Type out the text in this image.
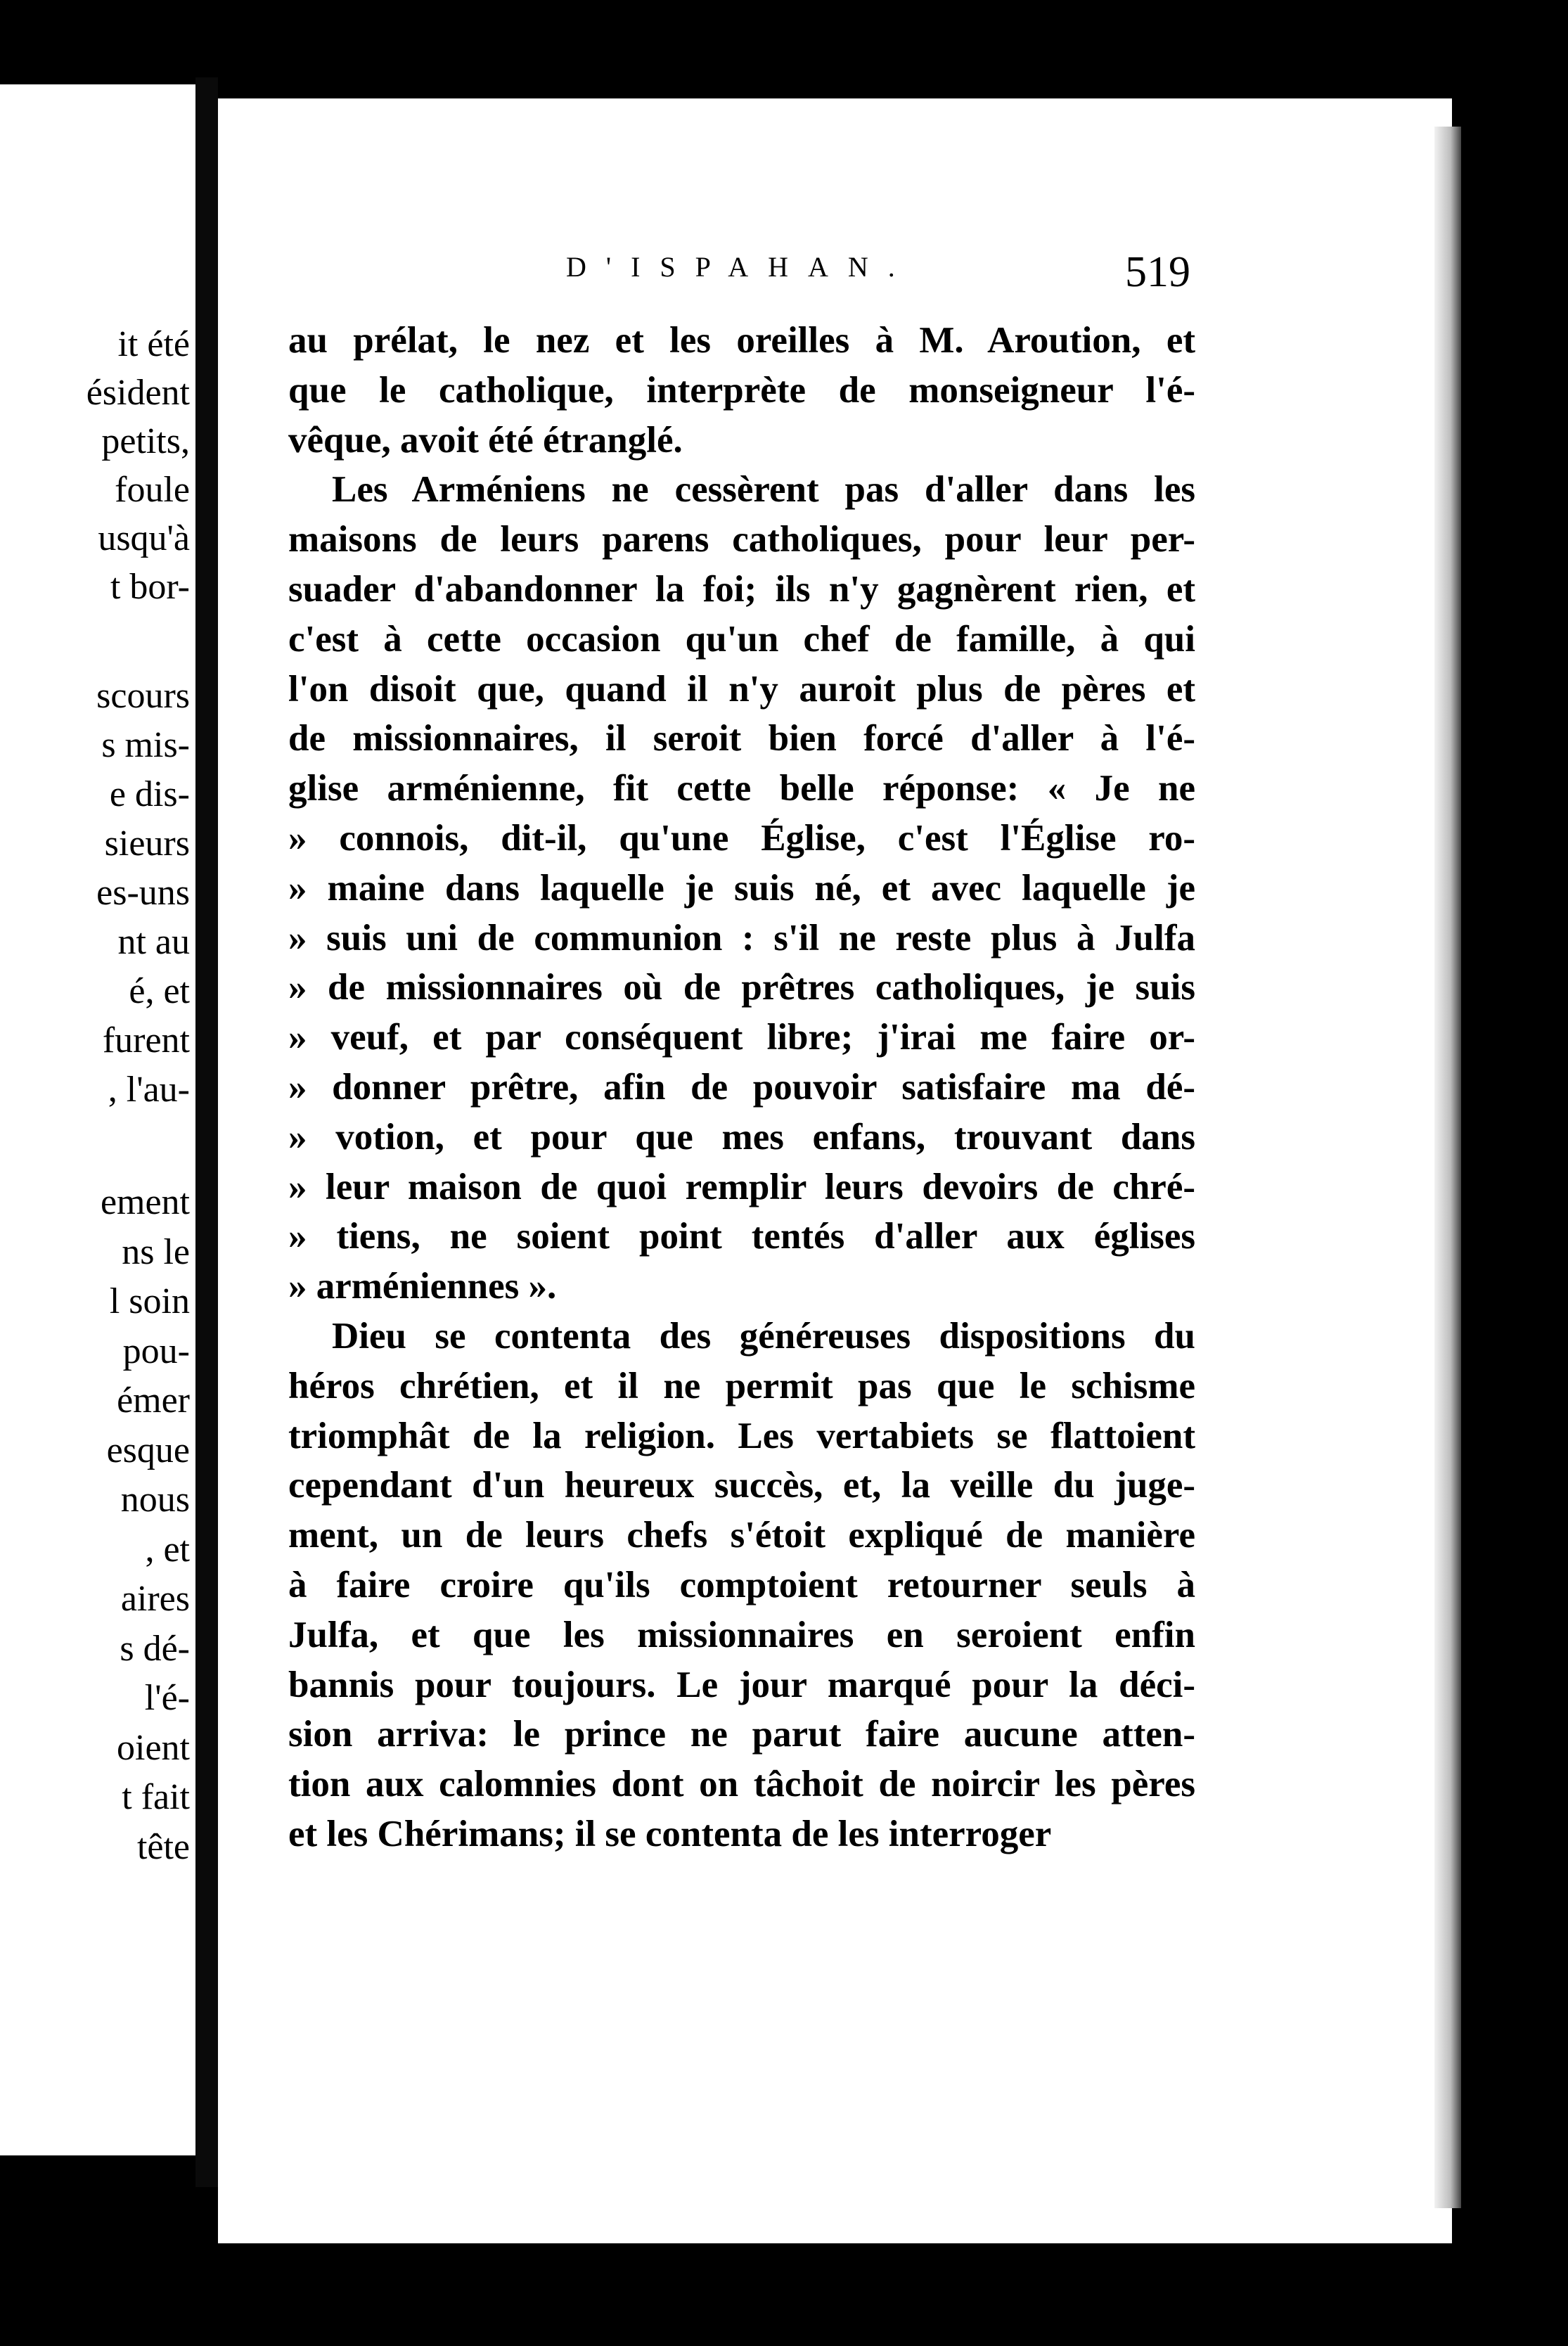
it été
ésident
petits,
foule
usqu'à
t bor-
scours
s mis-
e dis-
sieurs
es-uns
nt au
é, et
furent
, l'au-
ement
ns le
l soin
pou-
émer
esque
nous
, et
aires
s dé-
l'é-
oient
t fait
tête
D'ISPAHAN.	519
au prélat, le nez et les oreilles à M. Aroution, et
que le catholique, interprète de monseigneur l'é-
vêque, avoit été étranglé.
Les Arméniens ne cessèrent pas d'aller dans les
maisons de leurs parens catholiques, pour leur per-
suader d'abandonner la foi; ils n'y gagnèrent rien, et
c'est à cette occasion qu'un chef de famille, à qui
l'on disoit que, quand il n'y auroit plus de pères et
de missionnaires, il seroit bien forcé d'aller à l'é-
glise arménienne, fit cette belle réponse: « Je ne
» connois, dit-il, qu'une Église, c'est l'Église ro-
» maine dans laquelle je suis né, et avec laquelle je
» suis uni de communion : s'il ne reste plus à Julfa
» de missionnaires où de prêtres catholiques, je suis
» veuf, et par conséquent libre; j'irai me faire or-
» donner prêtre, afin de pouvoir satisfaire ma dé-
» votion, et pour que mes enfans, trouvant dans
» leur maison de quoi remplir leurs devoirs de chré-
» tiens, ne soient point tentés d'aller aux églises
» arméniennes ».
Dieu se contenta des généreuses dispositions du
héros chrétien, et il ne permit pas que le schisme
triomphât de la religion. Les vertabiets se flattoient
cependant d'un heureux succès, et, la veille du juge-
ment, un de leurs chefs s'étoit expliqué de manière
à faire croire qu'ils comptoient retourner seuls à
Julfa, et que les missionnaires en seroient enfin
bannis pour toujours. Le jour marqué pour la déci-
sion arriva: le prince ne parut faire aucune atten-
tion aux calomnies dont on tâchoit de noircir les pères
et les Chérimans; il se contenta de les interroger
